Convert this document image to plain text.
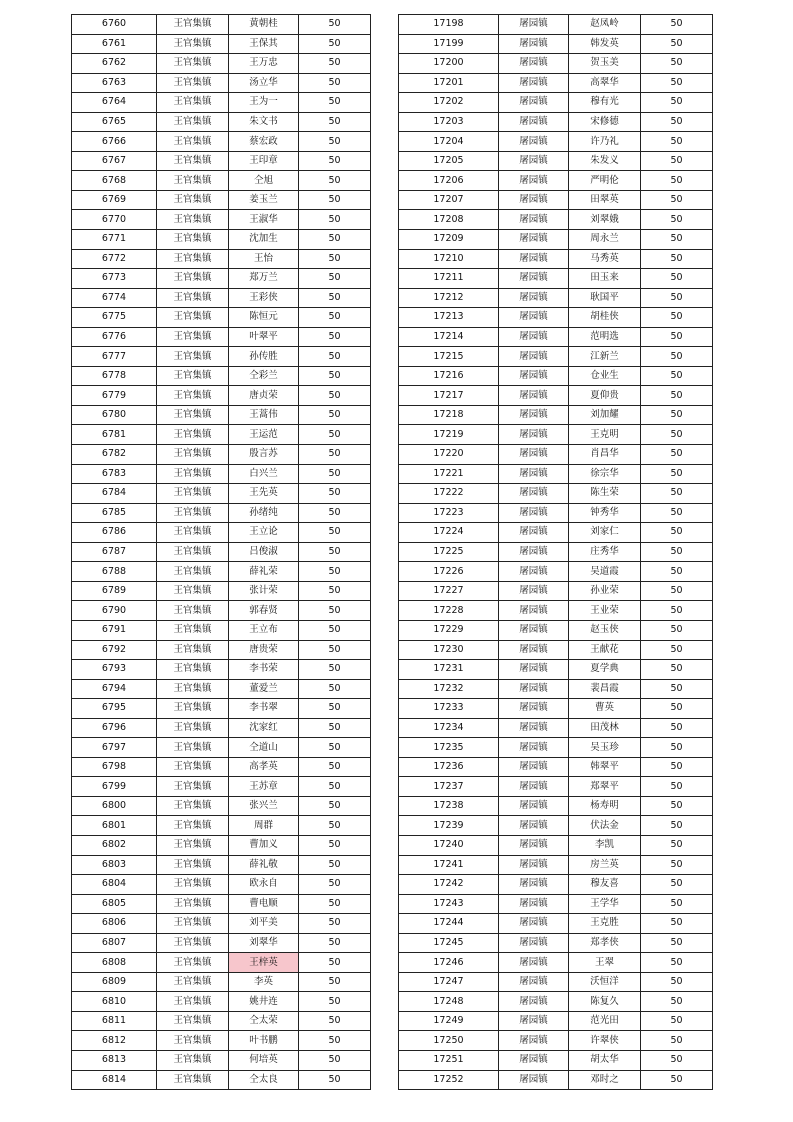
6760	王官集镇	黄朝桂	50
6761	王官集镇	王保其	50
6762	王官集镇	王万忠	50
6763	王官集镇	汤立华	50
6764	王官集镇	王为一	50
6765	王官集镇	朱文书	50
6766	王官集镇	蔡宏政	50
6767	王官集镇	王印章	50
6768	王官集镇	仝旭	50
6769	王官集镇	姜玉兰	50
6770	王官集镇	王淑华	50
6771	王官集镇	沈加生	50
6772	王官集镇	王怡	50
6773	王官集镇	郑万兰	50
6774	王官集镇	王彩侠	50
6775	王官集镇	陈恒元	50
6776	王官集镇	叶翠平	50
6777	王官集镇	孙传胜	50
6778	王官集镇	仝彩兰	50
6779	王官集镇	唐贞荣	50
6780	王官集镇	王蒿伟	50
6781	王官集镇	王运范	50
6782	王官集镇	殷言苏	50
6783	王官集镇	白兴兰	50
6784	王官集镇	王先英	50
6785	王官集镇	孙绪纯	50
6786	王官集镇	王立论	50
6787	王官集镇	吕俊淑	50
6788	王官集镇	薛礼荣	50
6789	王官集镇	张计荣	50
6790	王官集镇	郭春贤	50
6791	王官集镇	王立布	50
6792	王官集镇	唐贵荣	50
6793	王官集镇	李书荣	50
6794	王官集镇	董爱兰	50
6795	王官集镇	李书翠	50
6796	王官集镇	沈家红	50
6797	王官集镇	仝道山	50
6798	王官集镇	高孝英	50
6799	王官集镇	王苏章	50
6800	王官集镇	张兴兰	50
6801	王官集镇	周群	50
6802	王官集镇	曹加义	50
6803	王官集镇	薛礼敬	50
6804	王官集镇	欧永自	50
6805	王官集镇	曹电顺	50
6806	王官集镇	刘平美	50
6807	王官集镇	刘翠华	50
6808	王官集镇	王梓英	50
6809	王官集镇	李英	50
6810	王官集镇	姚井连	50
6811	王官集镇	仝太荣	50
6812	王官集镇	叶书鹏	50
6813	王官集镇	何培英	50
6814	王官集镇	仝太良	50
17198	屠园镇	赵凤岭	50
17199	屠园镇	韩发英	50
17200	屠园镇	贺玉美	50
17201	屠园镇	高翠华	50
17202	屠园镇	穆有光	50
17203	屠园镇	宋修德	50
17204	屠园镇	许乃礼	50
17205	屠园镇	朱发义	50
17206	屠园镇	严明伦	50
17207	屠园镇	田翠英	50
17208	屠园镇	刘翠娥	50
17209	屠园镇	周永兰	50
17210	屠园镇	马秀英	50
17211	屠园镇	田玉来	50
17212	屠园镇	耿国平	50
17213	屠园镇	胡桂侠	50
17214	屠园镇	范明选	50
17215	屠园镇	江新兰	50
17216	屠园镇	仓业生	50
17217	屠园镇	夏仰贵	50
17218	屠园镇	刘加耀	50
17219	屠园镇	王克明	50
17220	屠园镇	肖昌华	50
17221	屠园镇	徐宗华	50
17222	屠园镇	陈生荣	50
17223	屠园镇	钟秀华	50
17224	屠园镇	刘家仁	50
17225	屠园镇	庄秀华	50
17226	屠园镇	吴道霞	50
17227	屠园镇	孙业荣	50
17228	屠园镇	王业荣	50
17229	屠园镇	赵玉侠	50
17230	屠园镇	王献花	50
17231	屠园镇	夏学典	50
17232	屠园镇	裴昌霞	50
17233	屠园镇	曹英	50
17234	屠园镇	田茂林	50
17235	屠园镇	吴玉珍	50
17236	屠园镇	韩翠平	50
17237	屠园镇	郑翠平	50
17238	屠园镇	杨寿明	50
17239	屠园镇	伏法金	50
17240	屠园镇	李凯	50
17241	屠园镇	房兰英	50
17242	屠园镇	穆友喜	50
17243	屠园镇	王学华	50
17244	屠园镇	王克胜	50
17245	屠园镇	郑孝侠	50
17246	屠园镇	王翠	50
17247	屠园镇	沃恒洋	50
17248	屠园镇	陈复久	50
17249	屠园镇	范光田	50
17250	屠园镇	许翠侠	50
17251	屠园镇	胡太华	50
17252	屠园镇	邓时之	50
